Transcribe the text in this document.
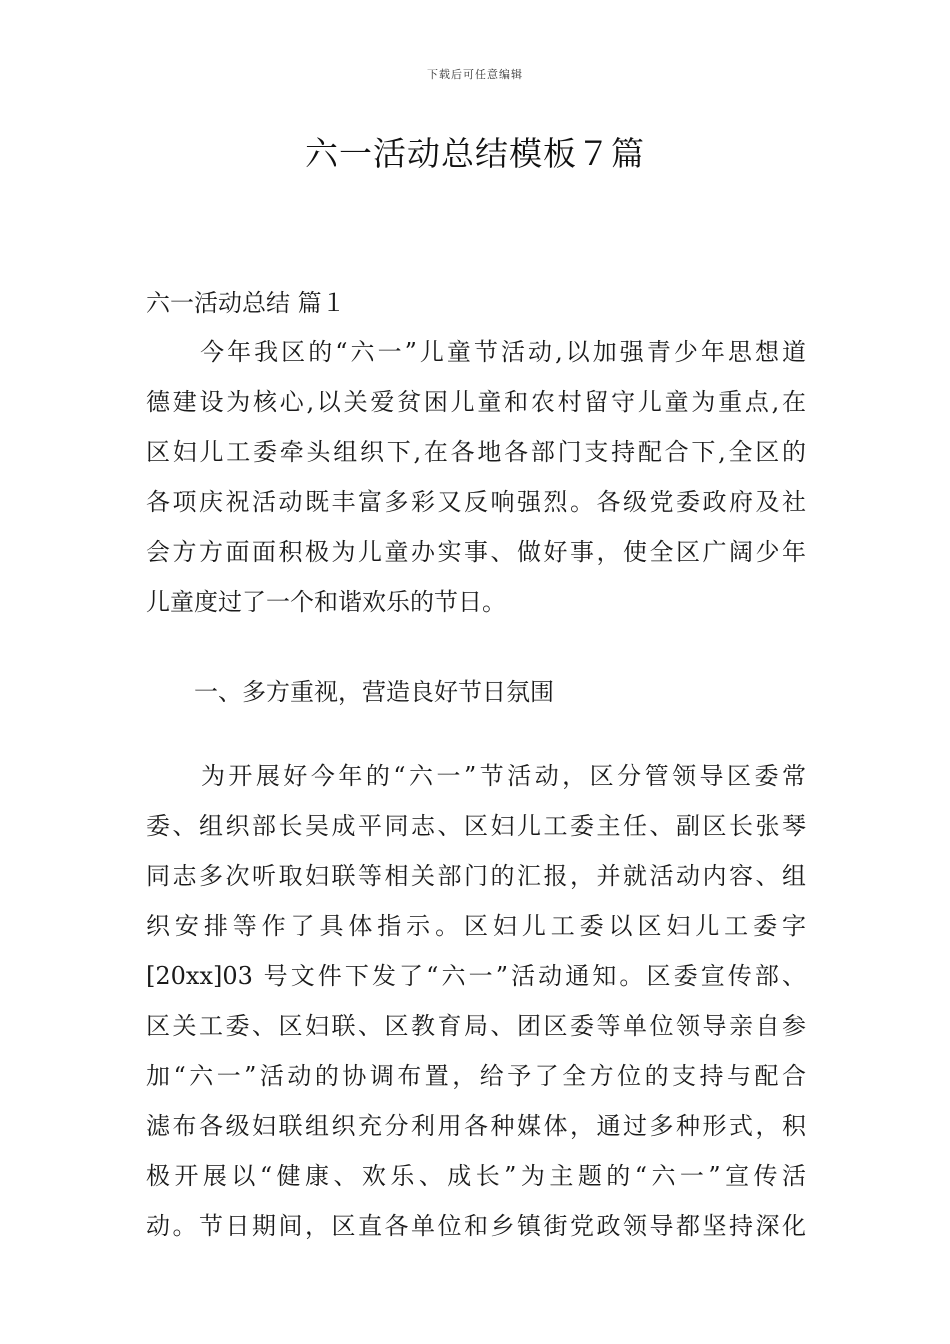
下载后可任意编辑
六一活动总结模板７篇
六一活动总结 篇１
　　今年我区的“六一”儿童节活动,以加强青少年思想道
德建设为核心,以关爱贫困儿童和农村留守儿童为重点,在
区妇儿工委牵头组织下,在各地各部门支持配合下,全区的
各项庆祝活动既丰富多彩又反响强烈。各级党委政府及社
会方方面面积极为儿童办实事、做好事，使全区广阔少年
儿童度过了一个和谐欢乐的节日。
　　一、多方重视，营造良好节日氛围
　　为开展好今年的“六一”节活动，区分管领导区委常
委、组织部长吴成平同志、区妇儿工委主任、副区长张琴
同志多次听取妇联等相关部门的汇报，并就活动内容、组
织安排等作了具体指示。区妇儿工委以区妇儿工委字
[20xx]03 号文件下发了“六一”活动通知。区委宣传部、
区关工委、区妇联、区教育局、团区委等单位领导亲自参
加“六一”活动的协调布置，给予了全方位的支持与配合
滤布各级妇联组织充分利用各种媒体，通过多种形式，积
极开展以“健康、欢乐、成长”为主题的“六一”宣传活
动。节日期间，区直各单位和乡镇街党政领导都坚持深化
